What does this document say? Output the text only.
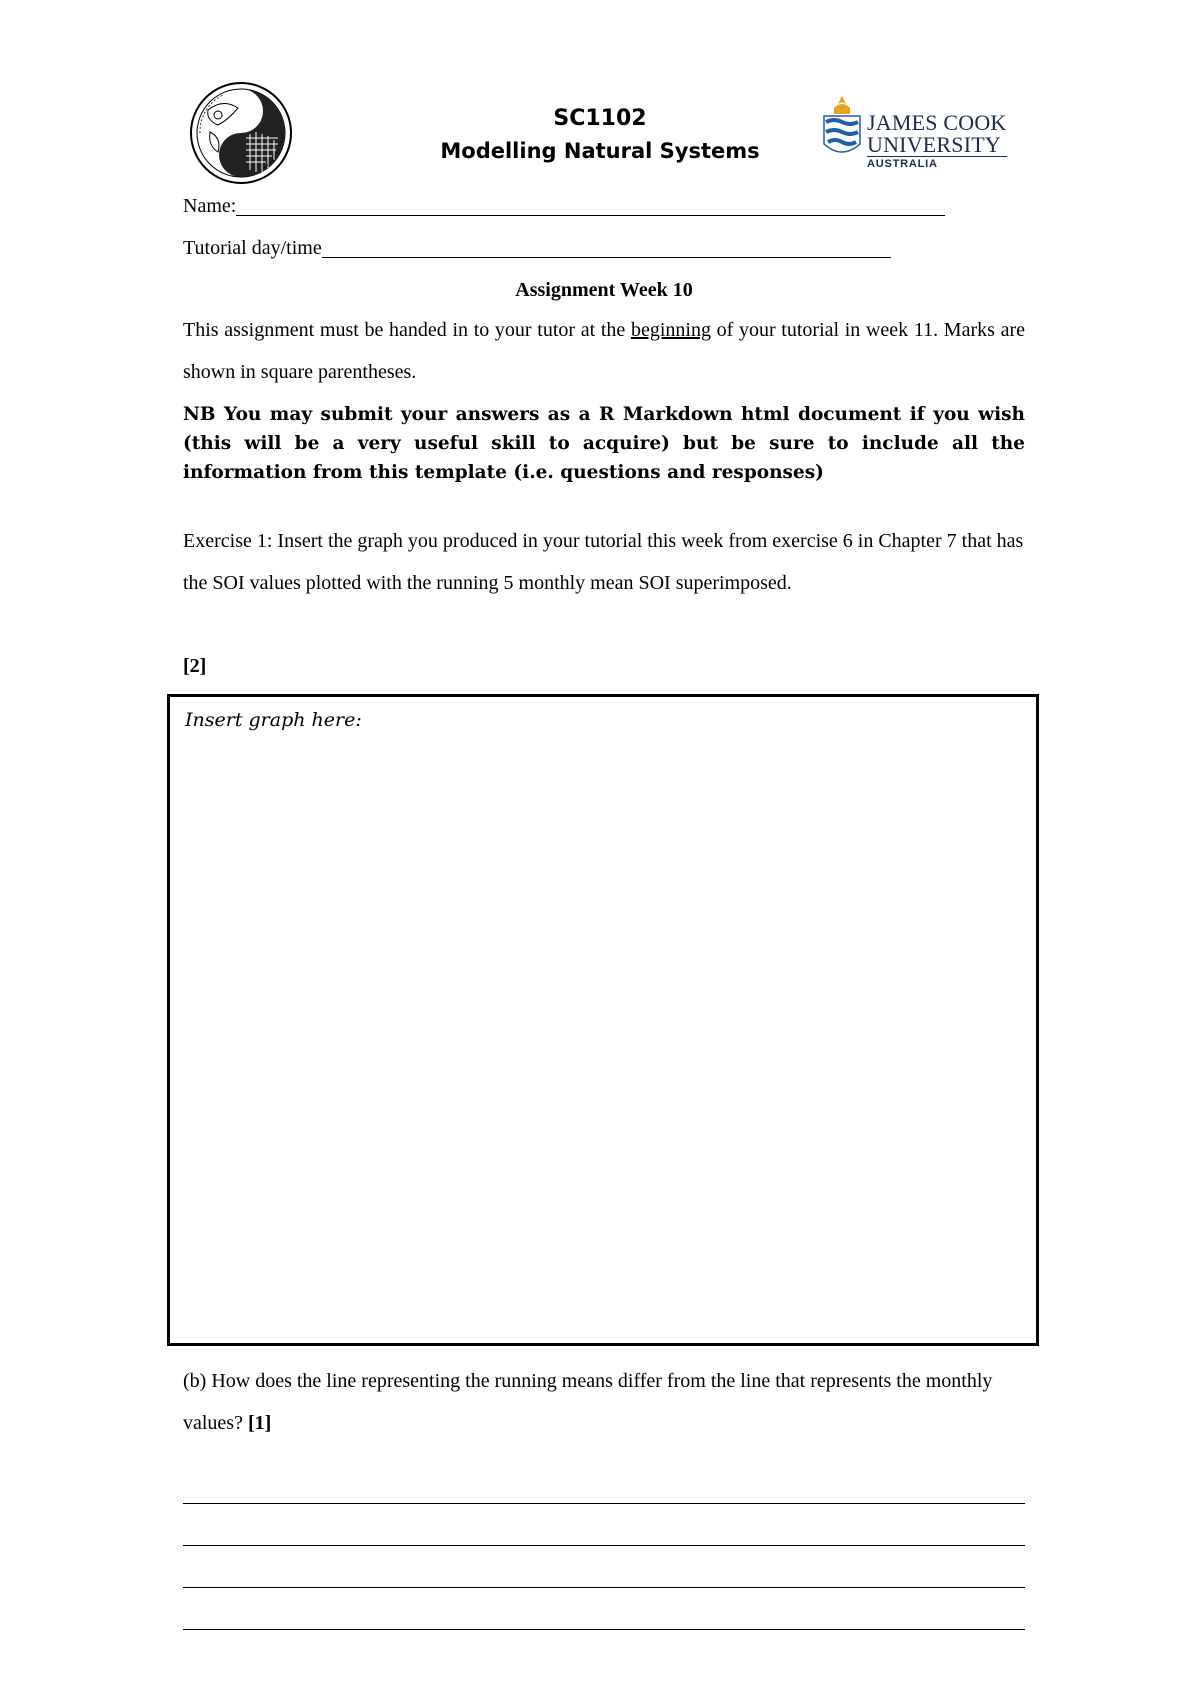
SC1102
Modelling Natural Systems
JAMES COOK
UNIVERSITY
AUSTRALIA
Name:
Tutorial day/time
Assignment Week 10
This assignment must be handed in to your tutor at the beginning of your tutorial in week 11. Marks are shown in square parentheses.
NB You may submit your answers as a R Markdown html document if you wish (this will be a very useful skill to acquire) but be sure to include all the information from this template (i.e. questions and responses)
Exercise 1: Insert the graph you produced in your tutorial this week from exercise 6 in Chapter 7 that has the SOI values plotted with the running 5 monthly mean SOI superimposed.
[2]
Insert graph here:
(b) How does the line representing the running means differ from the line that represents the monthly values? [1]
